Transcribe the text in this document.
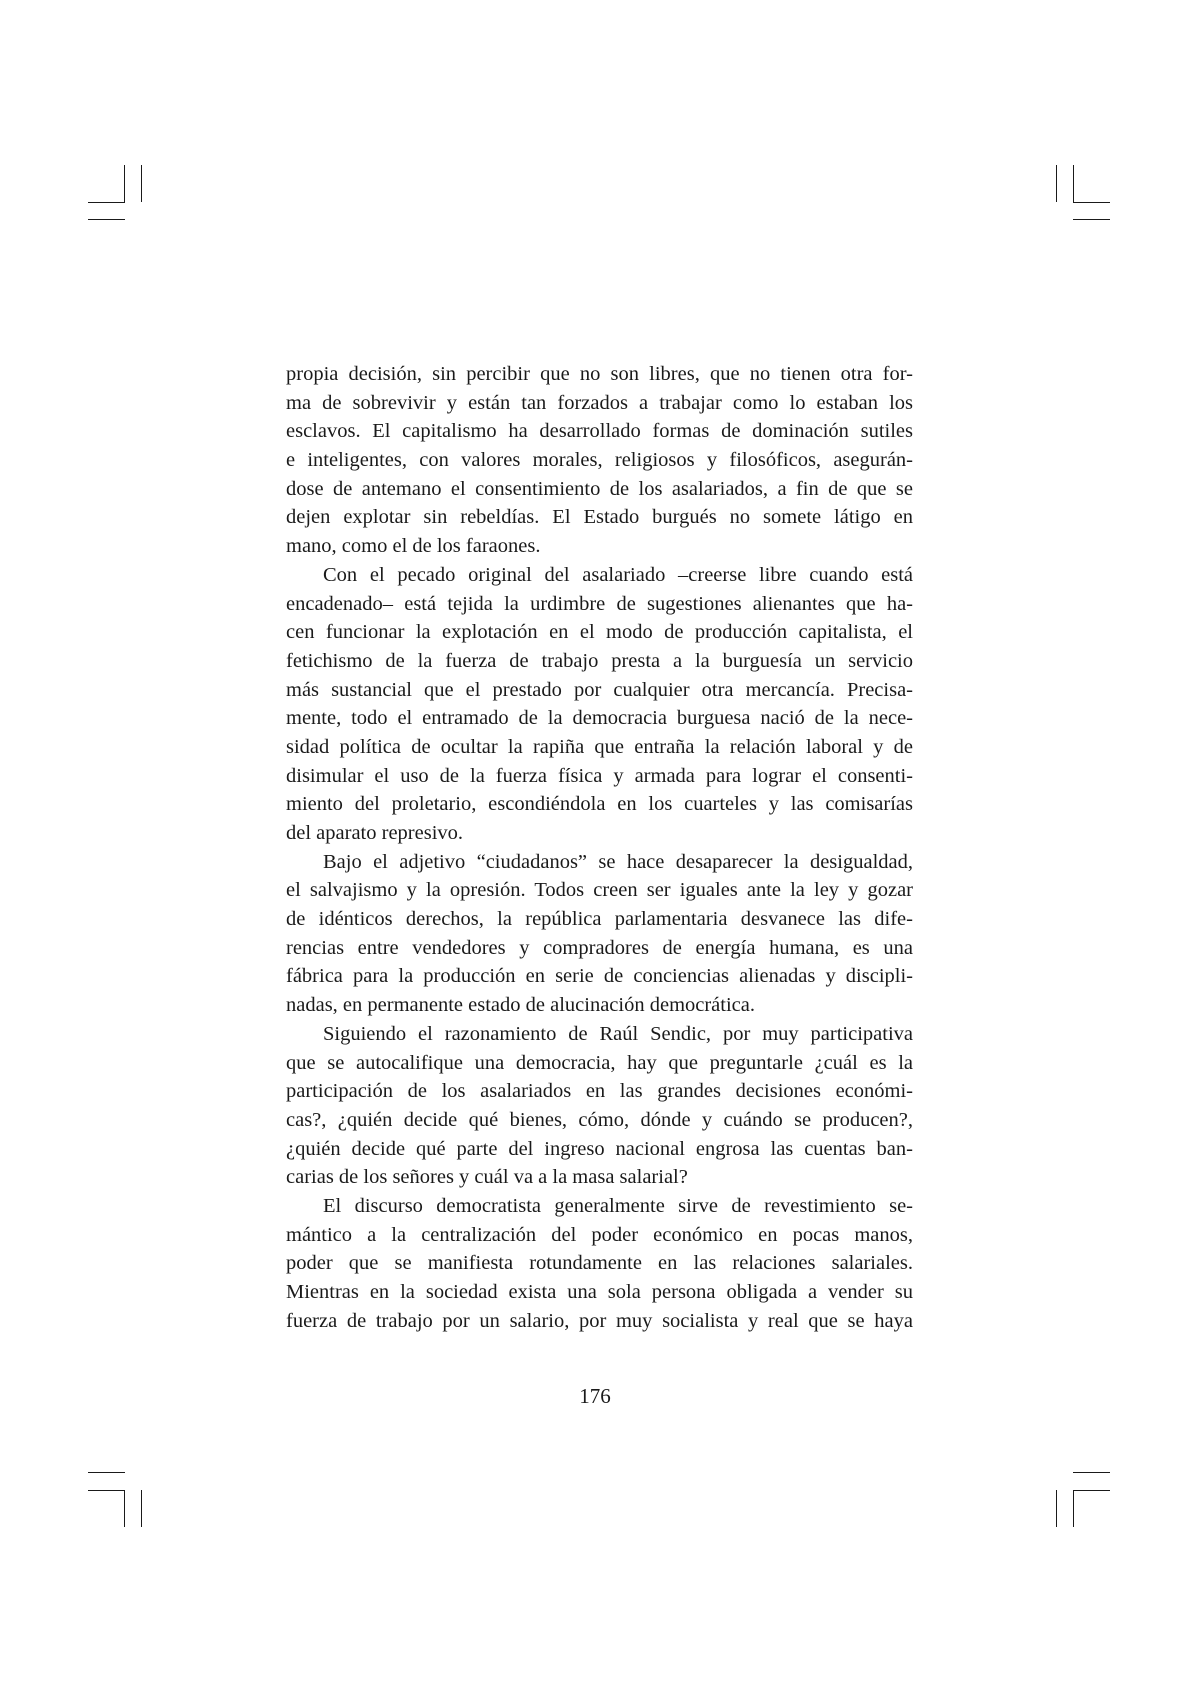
propia decisión, sin percibir que no son libres, que no tienen otra for-
ma de sobrevivir y están tan forzados a trabajar como lo estaban los
esclavos. El capitalismo ha desarrollado formas de dominación sutiles
e inteligentes, con valores morales, religiosos y filosóficos, asegurán-
dose de antemano el consentimiento de los asalariados, a fin de que se
dejen explotar sin rebeldías. El Estado burgués no somete látigo en
mano, como el de los faraones.
Con el pecado original del asalariado –creerse libre cuando está
encadenado– está tejida la urdimbre de sugestiones alienantes que ha-
cen funcionar la explotación en el modo de producción capitalista, el
fetichismo de la fuerza de trabajo presta a la burguesía un servicio
más sustancial que el prestado por cualquier otra mercancía. Precisa-
mente, todo el entramado de la democracia burguesa nació de la nece-
sidad política de ocultar la rapiña que entraña la relación laboral y de
disimular el uso de la fuerza física y armada para lograr el consenti-
miento del proletario, escondiéndola en los cuarteles y las comisarías
del aparato represivo.
Bajo el adjetivo “ciudadanos” se hace desaparecer la desigualdad,
el salvajismo y la opresión. Todos creen ser iguales ante la ley y gozar
de idénticos derechos, la república parlamentaria desvanece las dife-
rencias entre vendedores y compradores de energía humana, es una
fábrica para la producción en serie de conciencias alienadas y discipli-
nadas, en permanente estado de alucinación democrática.
Siguiendo el razonamiento de Raúl Sendic, por muy participativa
que se autocalifique una democracia, hay que preguntarle ¿cuál es la
participación de los asalariados en las grandes decisiones económi-
cas?, ¿quién decide qué bienes, cómo, dónde y cuándo se producen?,
¿quién decide qué parte del ingreso nacional engrosa las cuentas ban-
carias de los señores y cuál va a la masa salarial?
El discurso democratista generalmente sirve de revestimiento se-
mántico a la centralización del poder económico en pocas manos,
poder que se manifiesta rotundamente en las relaciones salariales.
Mientras en la sociedad exista una sola persona obligada a vender su
fuerza de trabajo por un salario, por muy socialista y real que se haya
176
